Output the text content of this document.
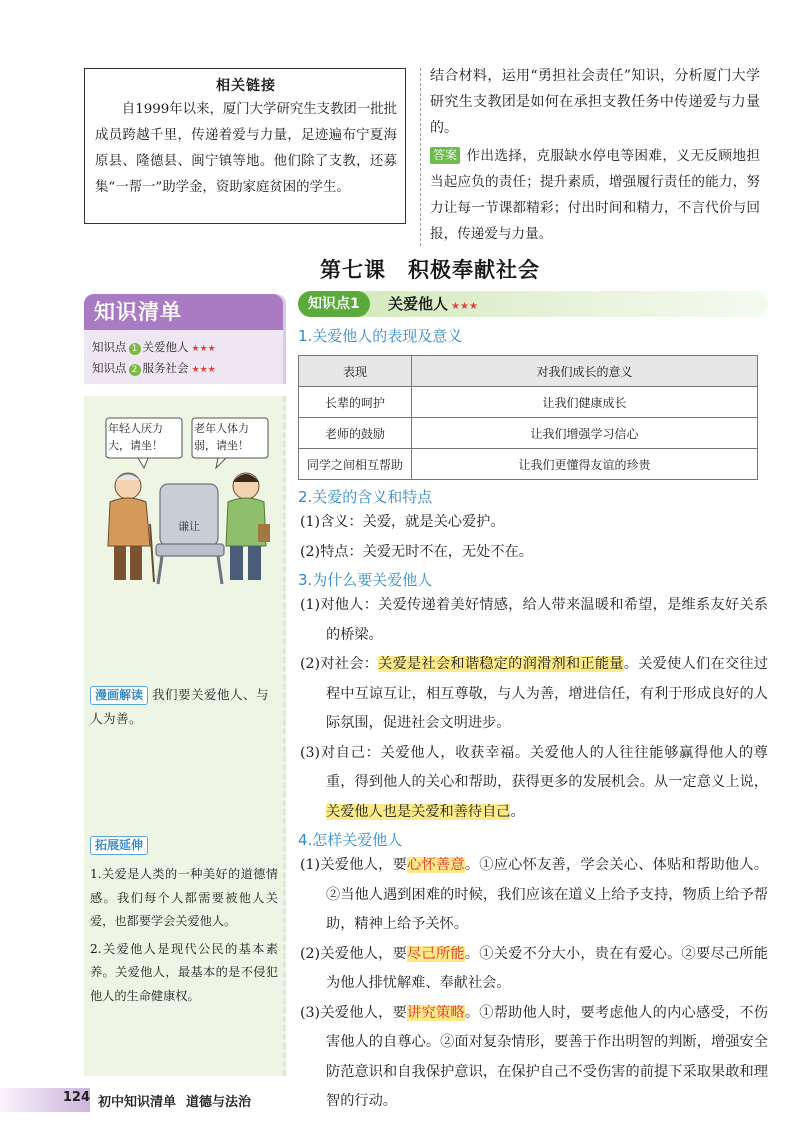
相关链接
自1999年以来，厦门大学研究生支教团一批批成员跨越千里，传递着爱与力量，足迹遍布宁夏海原县、隆德县、闽宁镇等地。他们除了支教，还募集“一帮一”助学金，资助家庭贫困的学生。
结合材料，运用“勇担社会责任”知识，分析厦门大学研究生支教团是如何在承担支教任务中传递爱与力量的。
答案 作出选择，克服缺水停电等困难，义无反顾地担当起应负的责任；提升素质，增强履行责任的能力，努力让每一节课都精彩；付出时间和精力，不言代价与回报，传递爱与力量。
第七课 积极奉献社会
知识清单
知识点 1 关爱他人 ★★★
知识点 2 服务社会 ★★★
年轻人厌力大，请坐！
老年人体力弱，请坐！
谦让
漫画解读 我们要关爱他人、与人为善。
拓展延伸
1.关爱是人类的一种美好的道德情感。我们每个人都需要被他人关爱，也都要学会关爱他人。
2.关爱他人是现代公民的基本素养。关爱他人，最基本的是不侵犯他人的生命健康权。
知识点1	关爱他人 ★★★
1.关爱他人的表现及意义
表现	对我们成长的意义
长辈的呵护	让我们健康成长
老师的鼓励	让我们增强学习信心
同学之间相互帮助	让我们更懂得友谊的珍贵
2.关爱的含义和特点
(1)含义：关爱，就是关心爱护。
(2)特点：关爱无时不在，无处不在。
3.为什么要关爱他人
(1)对他人：关爱传递着美好情感，给人带来温暖和希望，是维系友好关系的桥梁。
(2)对社会：关爱是社会和谐稳定的润滑剂和正能量。关爱使人们在交往过程中互谅互让，相互尊敬，与人为善，增进信任，有利于形成良好的人际氛围，促进社会文明进步。
(3)对自己：关爱他人，收获幸福。关爱他人的人往往能够赢得他人的尊重，得到他人的关心和帮助，获得更多的发展机会。从一定意义上说，关爱他人也是关爱和善待自己。
4.怎样关爱他人
(1)关爱他人，要心怀善意。①应心怀友善，学会关心、体贴和帮助他人。②当他人遇到困难的时候，我们应该在道义上给予支持，物质上给予帮助，精神上给予关怀。
(2)关爱他人，要尽己所能。①关爱不分大小，贵在有爱心。②要尽己所能为他人排忧解难、奉献社会。
(3)关爱他人，要讲究策略。①帮助他人时，要考虑他人的内心感受，不伤害他人的自尊心。②面对复杂情形，要善于作出明智的判断，增强安全防范意识和自我保护意识，在保护自己不受伤害的前提下采取果敢和理智的行动。
124 初中知识清单 道德与法治
